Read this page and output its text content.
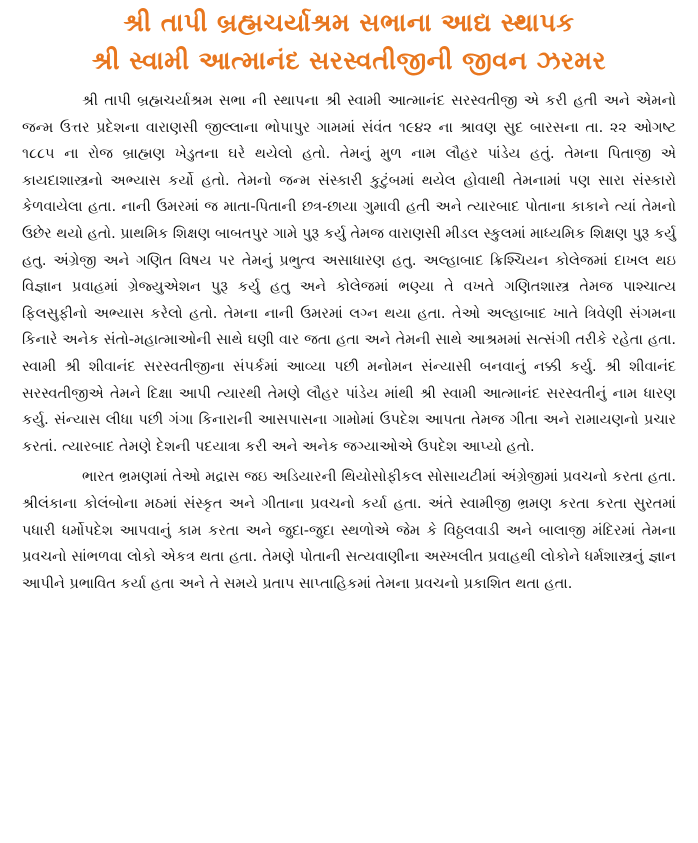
શ્રી તાપી બ્રહ્મચર્યાશ્રમ સભાના આદ્ય સ્થાપક
શ્રી સ્વામી આત્માનંદ સરસ્વતીજીની જીવન ઝરમર

શ્રી તાપી બ્રહ્મચર્યાશ્રમ સભા ની સ્થાપના શ્રી સ્વામી આત્માનંદ સરસ્વતીજી એ કરી હતી અને એમનો જન્મ ઉત્તર પ્રદેશના વારાણસી જીલ્લાના ભોપાપુર ગામમાં સંવંત ૧૯૪૨ ના શ્રાવણ સુદ બારસના તા. ૨૨ ઓગષ્ટ ૧૮૮૫ ના રોજ બ્રાહ્મણ ખેડુતના ઘરે થયેલો હતો. તેમનું મુળ નામ લૌહર પાંડેય હતું. તેમના પિતાજી એ કાયદાશાસ્ત્રનો અભ્યાસ કર્યો હતો. તેમનો જન્મ સંસ્કારી કુટુંબમાં થયેલ હોવાથી તેમનામાં પણ સારા સંસ્કારો કેળવાયેલા હતા. નાની ઉમરમાં જ માતા-પિતાની છત્ર-છાયા ગુમાવી હતી અને ત્યારબાદ પોતાના કાકાને ત્યાં તેમનો ઉછેર થયો હતો. પ્રાથમિક શિક્ષણ બાબતપુર ગામે પુરૂ કર્યુ તેમજ વારાણસી મીડલ સ્કુલમાં માધ્યમિક શિક્ષણ પુરૂ કર્યુ હતુ. અંગ્રેજી અને ગણિત વિષય પર તેમનું પ્રભુત્વ અસાધારણ હતુ. અલ્હાબાદ ક્રિશ્ચિયન કોલેજમાં દાખલ થઇ વિજ્ઞાન પ્રવાહમાં ગ્રેજ્યુએશન પુરૂ કર્યુ હતુ અને કોલેજમાં ભણ્યા તે વખતે ગણિતશાસ્ત્ર તેમજ પાશ્ચાત્ય ફિલસુફીનો અભ્યાસ કરેલો હતો. તેમના નાની ઉમરમાં લગ્ન થયા હતા. તેઓ અલ્હાબાદ ખાતે ત્રિવેણી સંગમના કિનારે અનેક સંતો-મહાત્માઓની સાથે ઘણી વાર જતા હતા અને તેમની સાથે આશ્રમમાં સત્સંગી તરીકે રહેતા હતા. સ્વામી શ્રી શીવાનંદ સરસ્વતીજીના સંપર્કમાં આવ્યા પછી મનોમન સંન્યાસી બનવાનું નક્કી કર્યુ. શ્રી શીવાનંદ સરસ્વતીજીએ તેમને દિક્ષા આપી ત્યારથી તેમણે લૌહર પાંડેય માંથી શ્રી સ્વામી આત્માનંદ સરસ્વતીનું નામ ધારણ કર્યુ. સંન્યાસ લીધા પછી ગંગા કિનારાની આસપાસના ગામોમાં ઉપદેશ આપતા તેમજ ગીતા અને રામાયણનો પ્રચાર કરતાં. ત્યારબાદ તેમણે દેશની પદયાત્રા કરી અને અનેક જગ્યાઓએ ઉપદેશ આપ્યો હતો.

ભારત ભ્રમણમાં તેઓ મદ્રાસ જઇ અડિયારની થિયોસોફીકલ સોસાયટીમાં અંગ્રેજીમાં પ્રવચનો કરતા હતા. શ્રીલંકાના કોલંબોના મઠમાં સંસ્કૃત અને ગીતાના પ્રવચનો કર્યા હતા. અંતે સ્વામીજી ભ્રમણ કરતા કરતા સુરતમાં પધારી ધર્મોપદેશ આપવાનું કામ કરતા અને જુદા-જુદા સ્થળોએ જેમ કે વિઠ્ઠલવાડી અને બાલાજી મંદિરમાં તેમના પ્રવચનો સાંભળવા લોકો એકત્ર થતા હતા. તેમણે પોતાની સત્યવાણીના અસ્ખલીત પ્રવાહથી લોકોને ધર્મશાસ્ત્રનું જ્ઞાન આપીને પ્રભાવિત કર્યા હતા અને તે સમયે પ્રતાપ સાપ્તાહિકમાં તેમના પ્રવચનો પ્રકાશિત થતા હતા.
